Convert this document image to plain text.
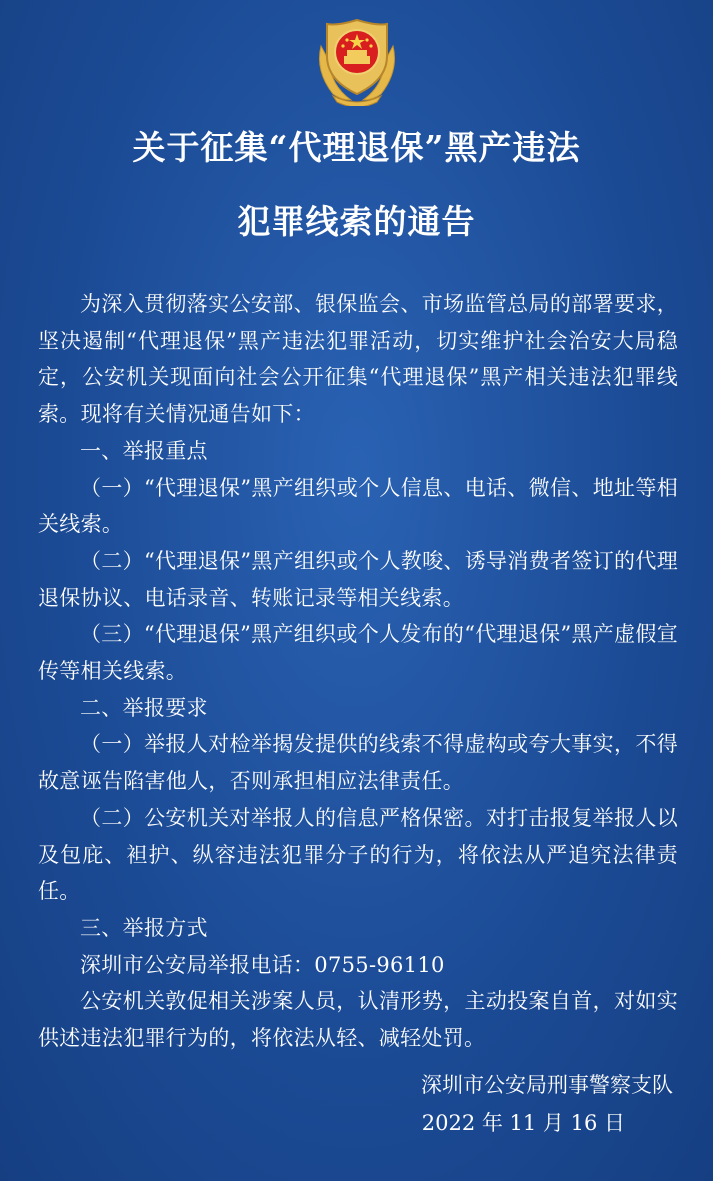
关于征集“代理退保”黑产违法
犯罪线索的通告

为深入贯彻落实公安部、银保监会、市场监管总局的部署要求，坚决遏制“代理退保”黑产违法犯罪活动，切实维护社会治安大局稳定，公安机关现面向社会公开征集“代理退保”黑产相关违法犯罪线索。现将有关情况通告如下：

一、举报重点

（一）“代理退保”黑产组织或个人信息、电话、微信、地址等相关线索。

（二）“代理退保”黑产组织或个人教唆、诱导消费者签订的代理退保协议、电话录音、转账记录等相关线索。

（三）“代理退保”黑产组织或个人发布的“代理退保”黑产虚假宣传等相关线索。

二、举报要求

（一）举报人对检举揭发提供的线索不得虚构或夸大事实，不得故意诬告陷害他人，否则承担相应法律责任。

（二）公安机关对举报人的信息严格保密。对打击报复举报人以及包庇、袒护、纵容违法犯罪分子的行为，将依法从严追究法律责任。

三、举报方式

深圳市公安局举报电话：0755-96110

公安机关敦促相关涉案人员，认清形势，主动投案自首，对如实供述违法犯罪行为的，将依法从轻、减轻处罚。

深圳市公安局刑事警察支队
2022 年 11 月 16 日
